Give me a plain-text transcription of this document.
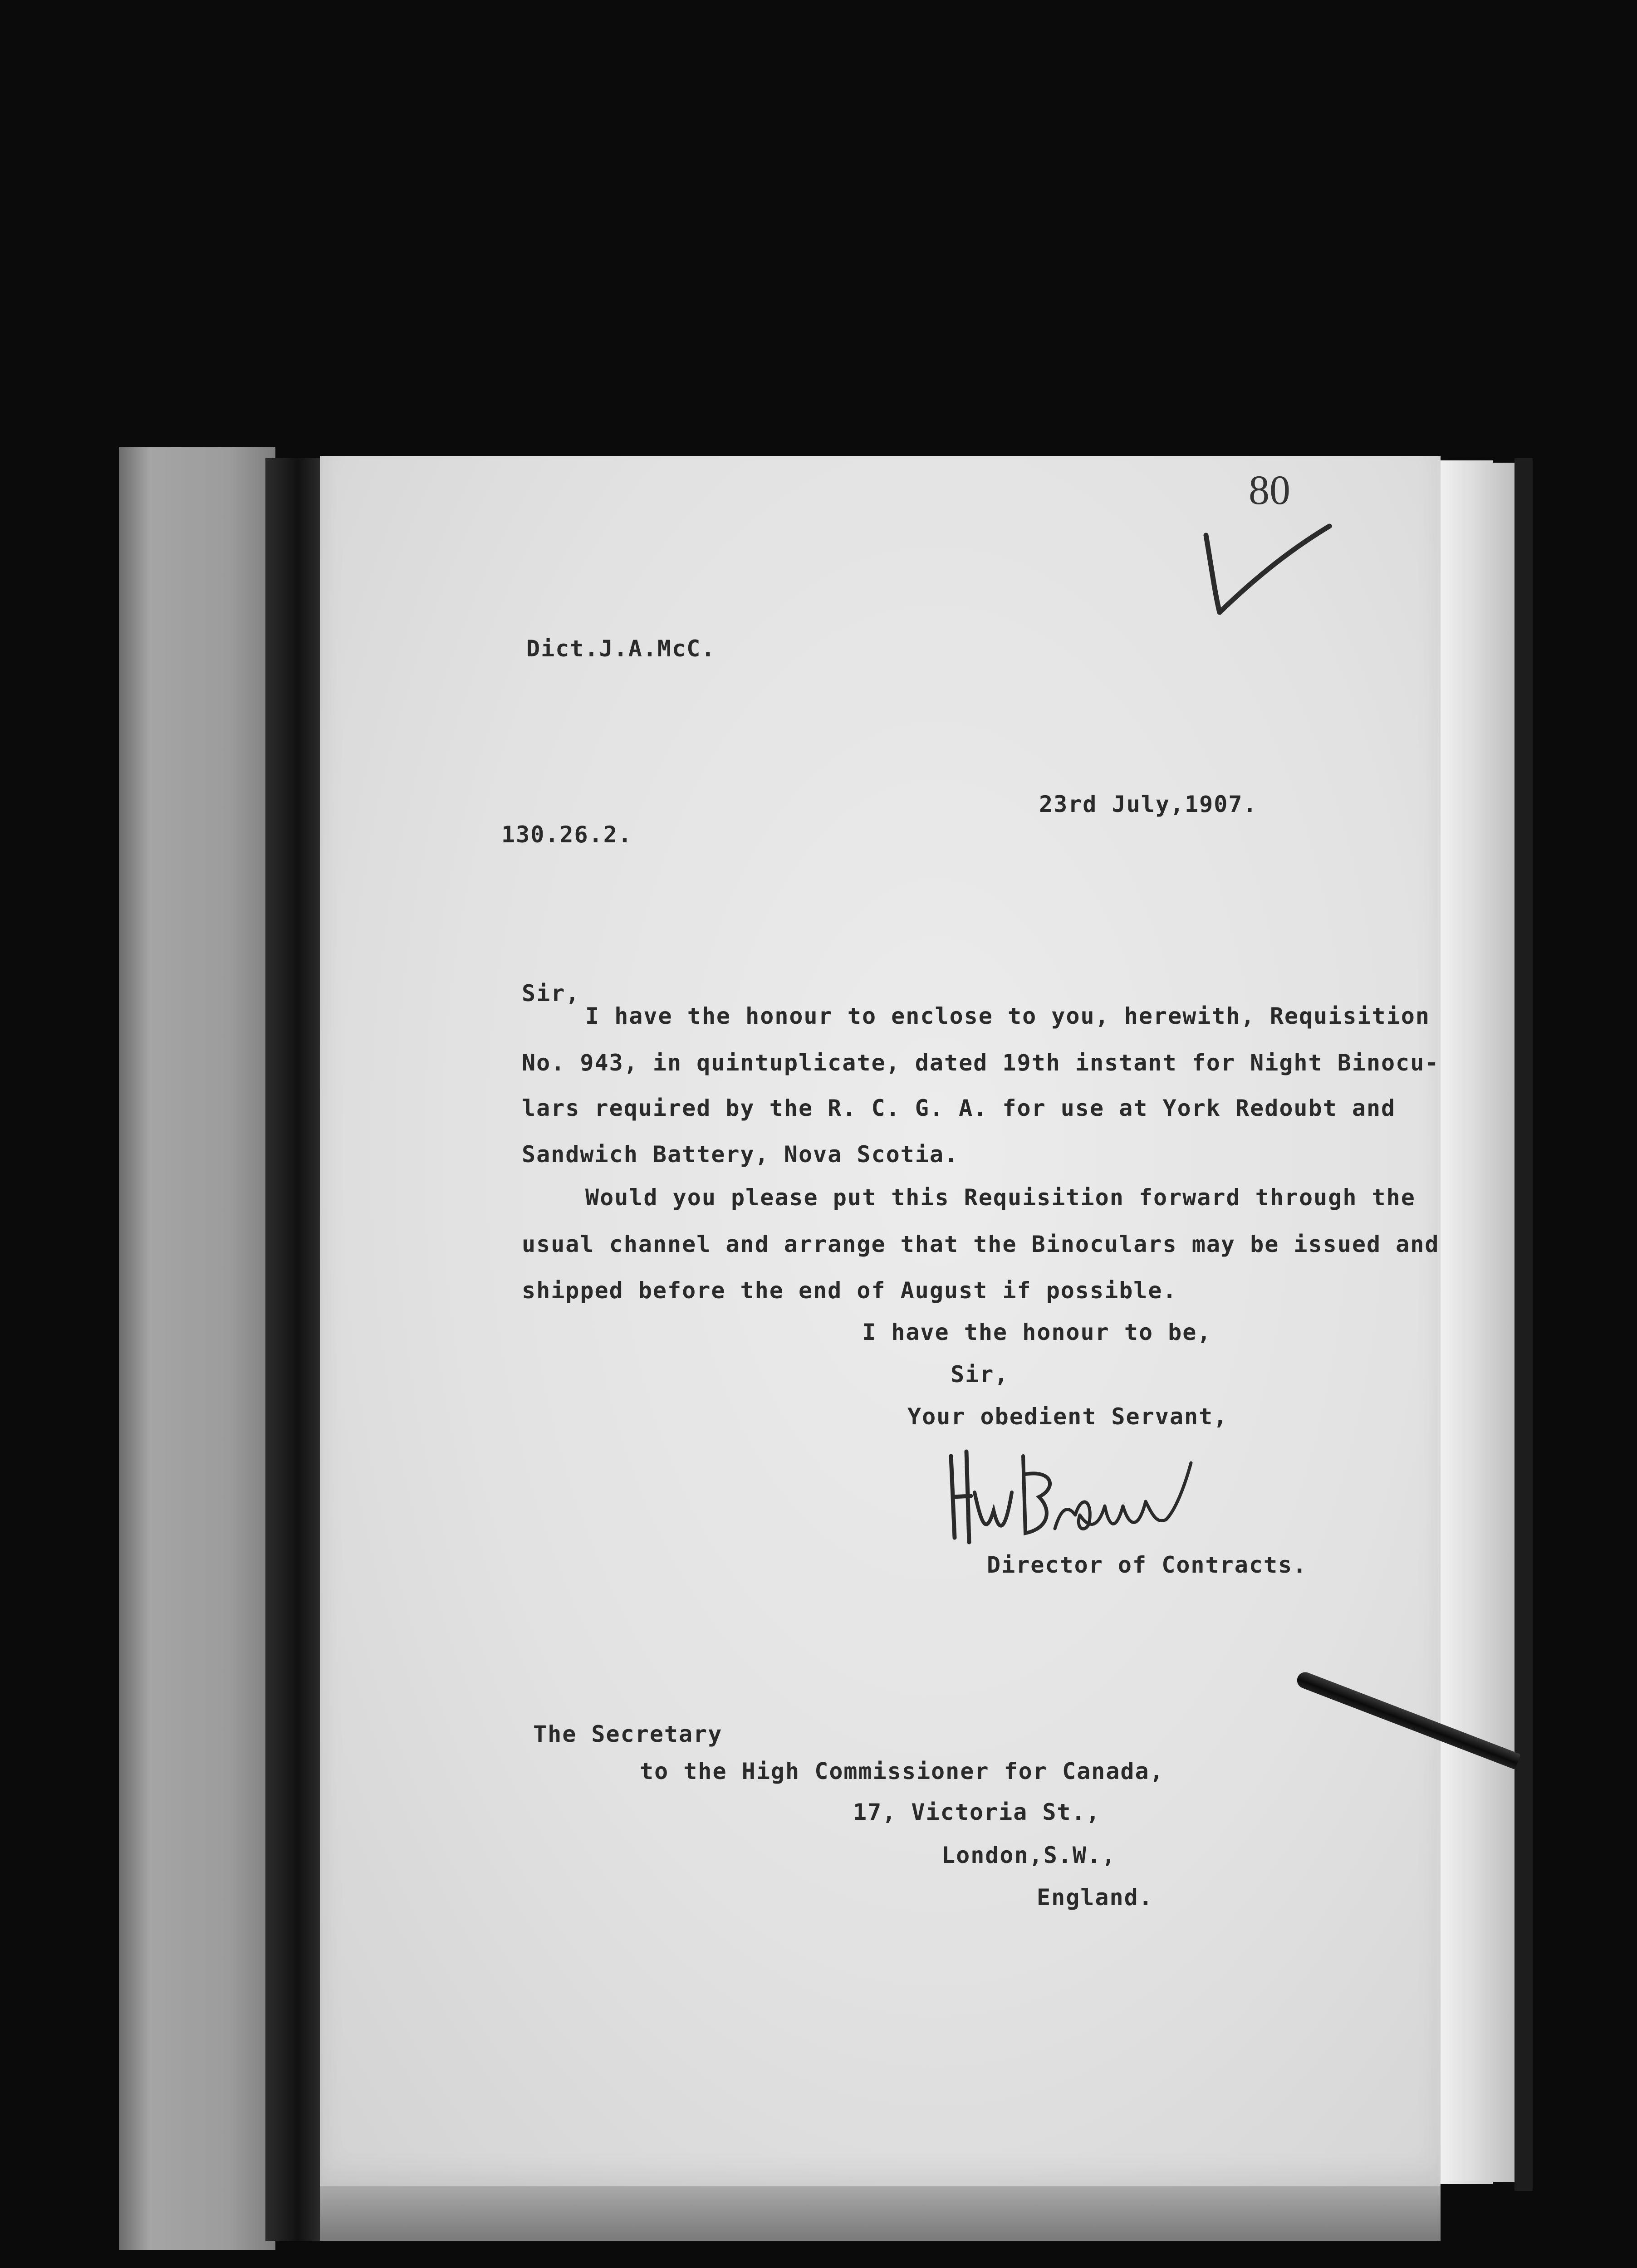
80
Dict.J.A.McC.
23rd July,1907.
130.26.2.
Sir,
I have the honour to enclose to you, herewith, Requisition
No. 943, in quintuplicate, dated 19th instant for Night Binocu-
lars required by the R. C. G. A. for use at York Redoubt and
Sandwich Battery, Nova Scotia.
Would you please put this Requisition forward through the
usual channel and arrange that the Binoculars may be issued and
shipped before the end of August if possible.
I have the honour to be,
Sir,
Your obedient Servant,
Director of Contracts.
The Secretary
to the High Commissioner for Canada,
17, Victoria St.,
London,S.W.,
England.
